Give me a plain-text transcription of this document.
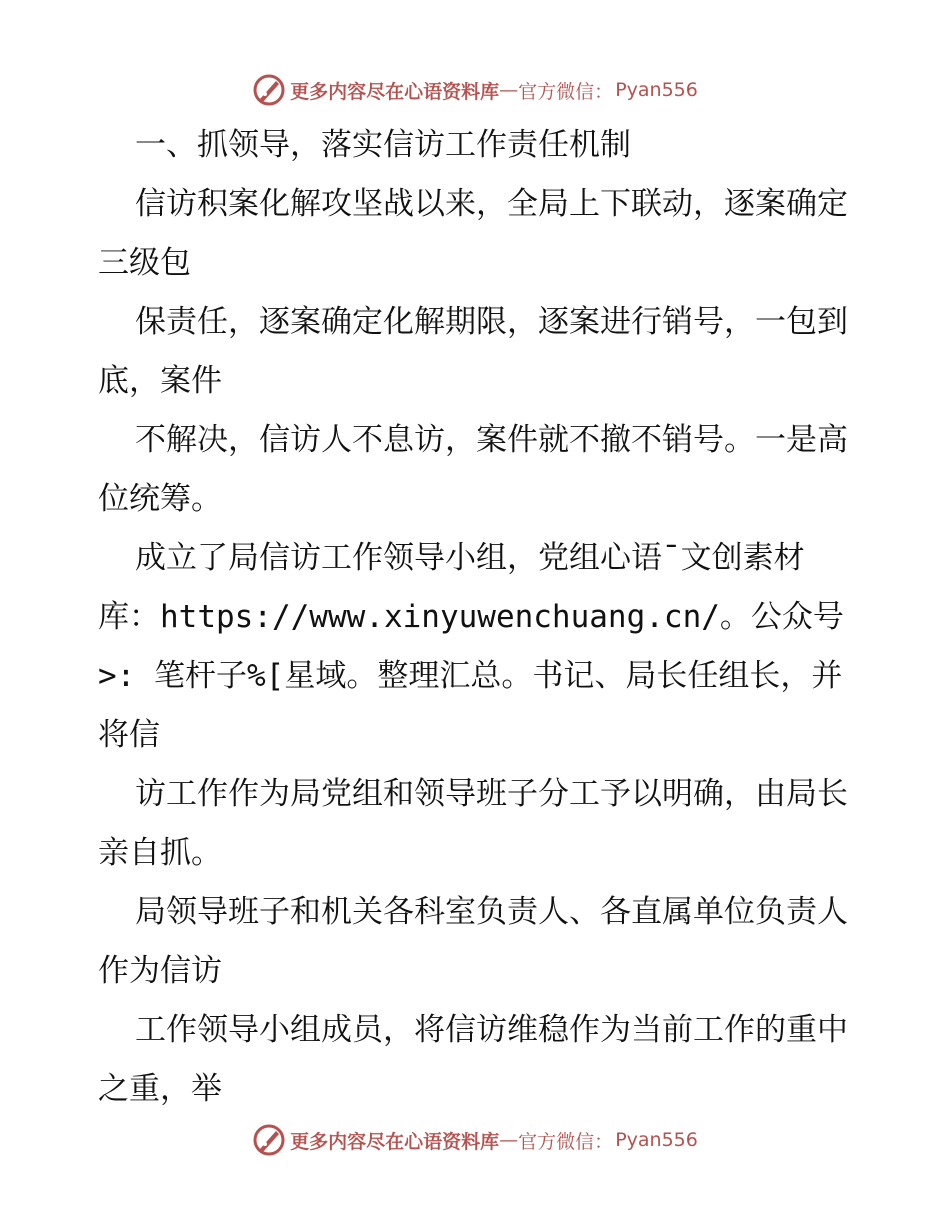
更多内容尽在心语资料库 — 官方微信： Pyan556

一、抓领导，落实信访工作责任机制

信访积案化解攻坚战以来，全局上下联动，逐案确定三级包

保责任，逐案确定化解期限，逐案进行销号，一包到底，案件

不解决，信访人不息访，案件就不撤不销号。一是高位统筹。

成立了局信访工作领导小组，党组心语¯文创素材库：https://www.xinyuwenchuang.cn/。公众号>: 笔杆子%[星域。整理汇总。书记、局长任组长，并将信

访工作作为局党组和领导班子分工予以明确，由局长亲自抓。

局领导班子和机关各科室负责人、各直属单位负责人作为信访

工作领导小组成员，将信访维稳作为当前工作的重中之重，举

更多内容尽在心语资料库 — 官方微信： Pyan556
